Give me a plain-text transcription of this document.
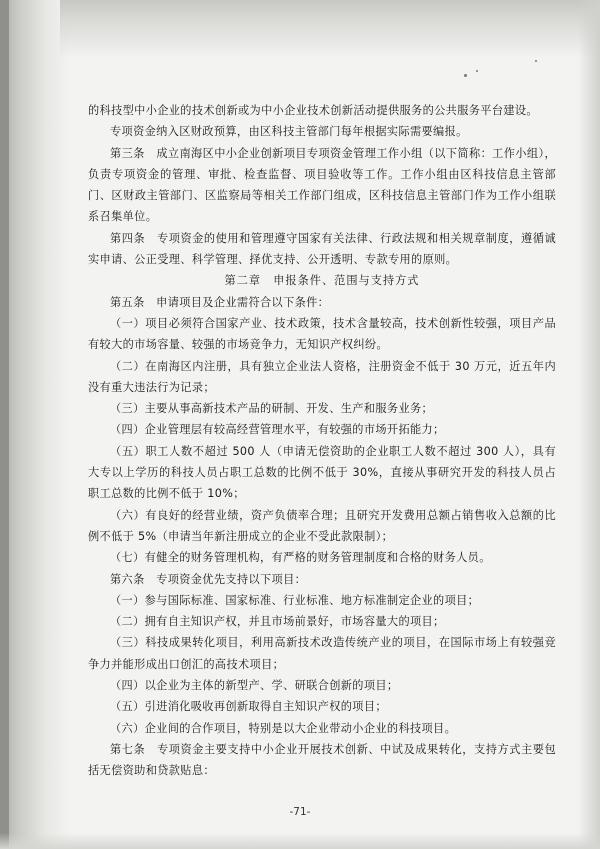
的科技型中小企业的技术创新或为中小企业技术创新活动提供服务的公共服务平台建设。

专项资金纳入区财政预算，由区科技主管部门每年根据实际需要编报。

第三条　成立南海区中小企业创新项目专项资金管理工作小组（以下简称：工作小组），负责专项资金的管理、审批、检查监督、项目验收等工作。工作小组由区科技信息主管部门、区财政主管部门、区监察局等相关工作部门组成，区科技信息主管部门作为工作小组联系召集单位。

第四条　专项资金的使用和管理遵守国家有关法律、行政法规和相关规章制度，遵循诚实申请、公正受理、科学管理、择优支持、公开透明、专款专用的原则。

第二章　申报条件、范围与支持方式

第五条　申请项目及企业需符合以下条件：

（一）项目必须符合国家产业、技术政策，技术含量较高，技术创新性较强，项目产品有较大的市场容量、较强的市场竞争力，无知识产权纠纷。

（二）在南海区内注册，具有独立企业法人资格，注册资金不低于 30 万元，近五年内没有重大违法行为记录；

（三）主要从事高新技术产品的研制、开发、生产和服务业务；

（四）企业管理层有较高经营管理水平，有较强的市场开拓能力；

（五）职工人数不超过 500 人（申请无偿资助的企业职工人数不超过 300 人），具有大专以上学历的科技人员占职工总数的比例不低于 30%，直接从事研究开发的科技人员占职工总数的比例不低于 10%；

（六）有良好的经营业绩，资产负债率合理；且研究开发费用总额占销售收入总额的比例不低于 5%（申请当年新注册成立的企业不受此款限制）；

（七）有健全的财务管理机构，有严格的财务管理制度和合格的财务人员。

第六条　专项资金优先支持以下项目：

（一）参与国际标准、国家标准、行业标准、地方标准制定企业的项目；

（二）拥有自主知识产权，并且市场前景好，市场容量大的项目；

（三）科技成果转化项目，利用高新技术改造传统产业的项目，在国际市场上有较强竞争力并能形成出口创汇的高技术项目；

（四）以企业为主体的新型产、学、研联合创新的项目；

（五）引进消化吸收再创新取得自主知识产权的项目；

（六）企业间的合作项目，特别是以大企业带动小企业的科技项目。

第七条　专项资金主要支持中小企业开展技术创新、中试及成果转化，支持方式主要包括无偿资助和贷款贴息：

-71-
